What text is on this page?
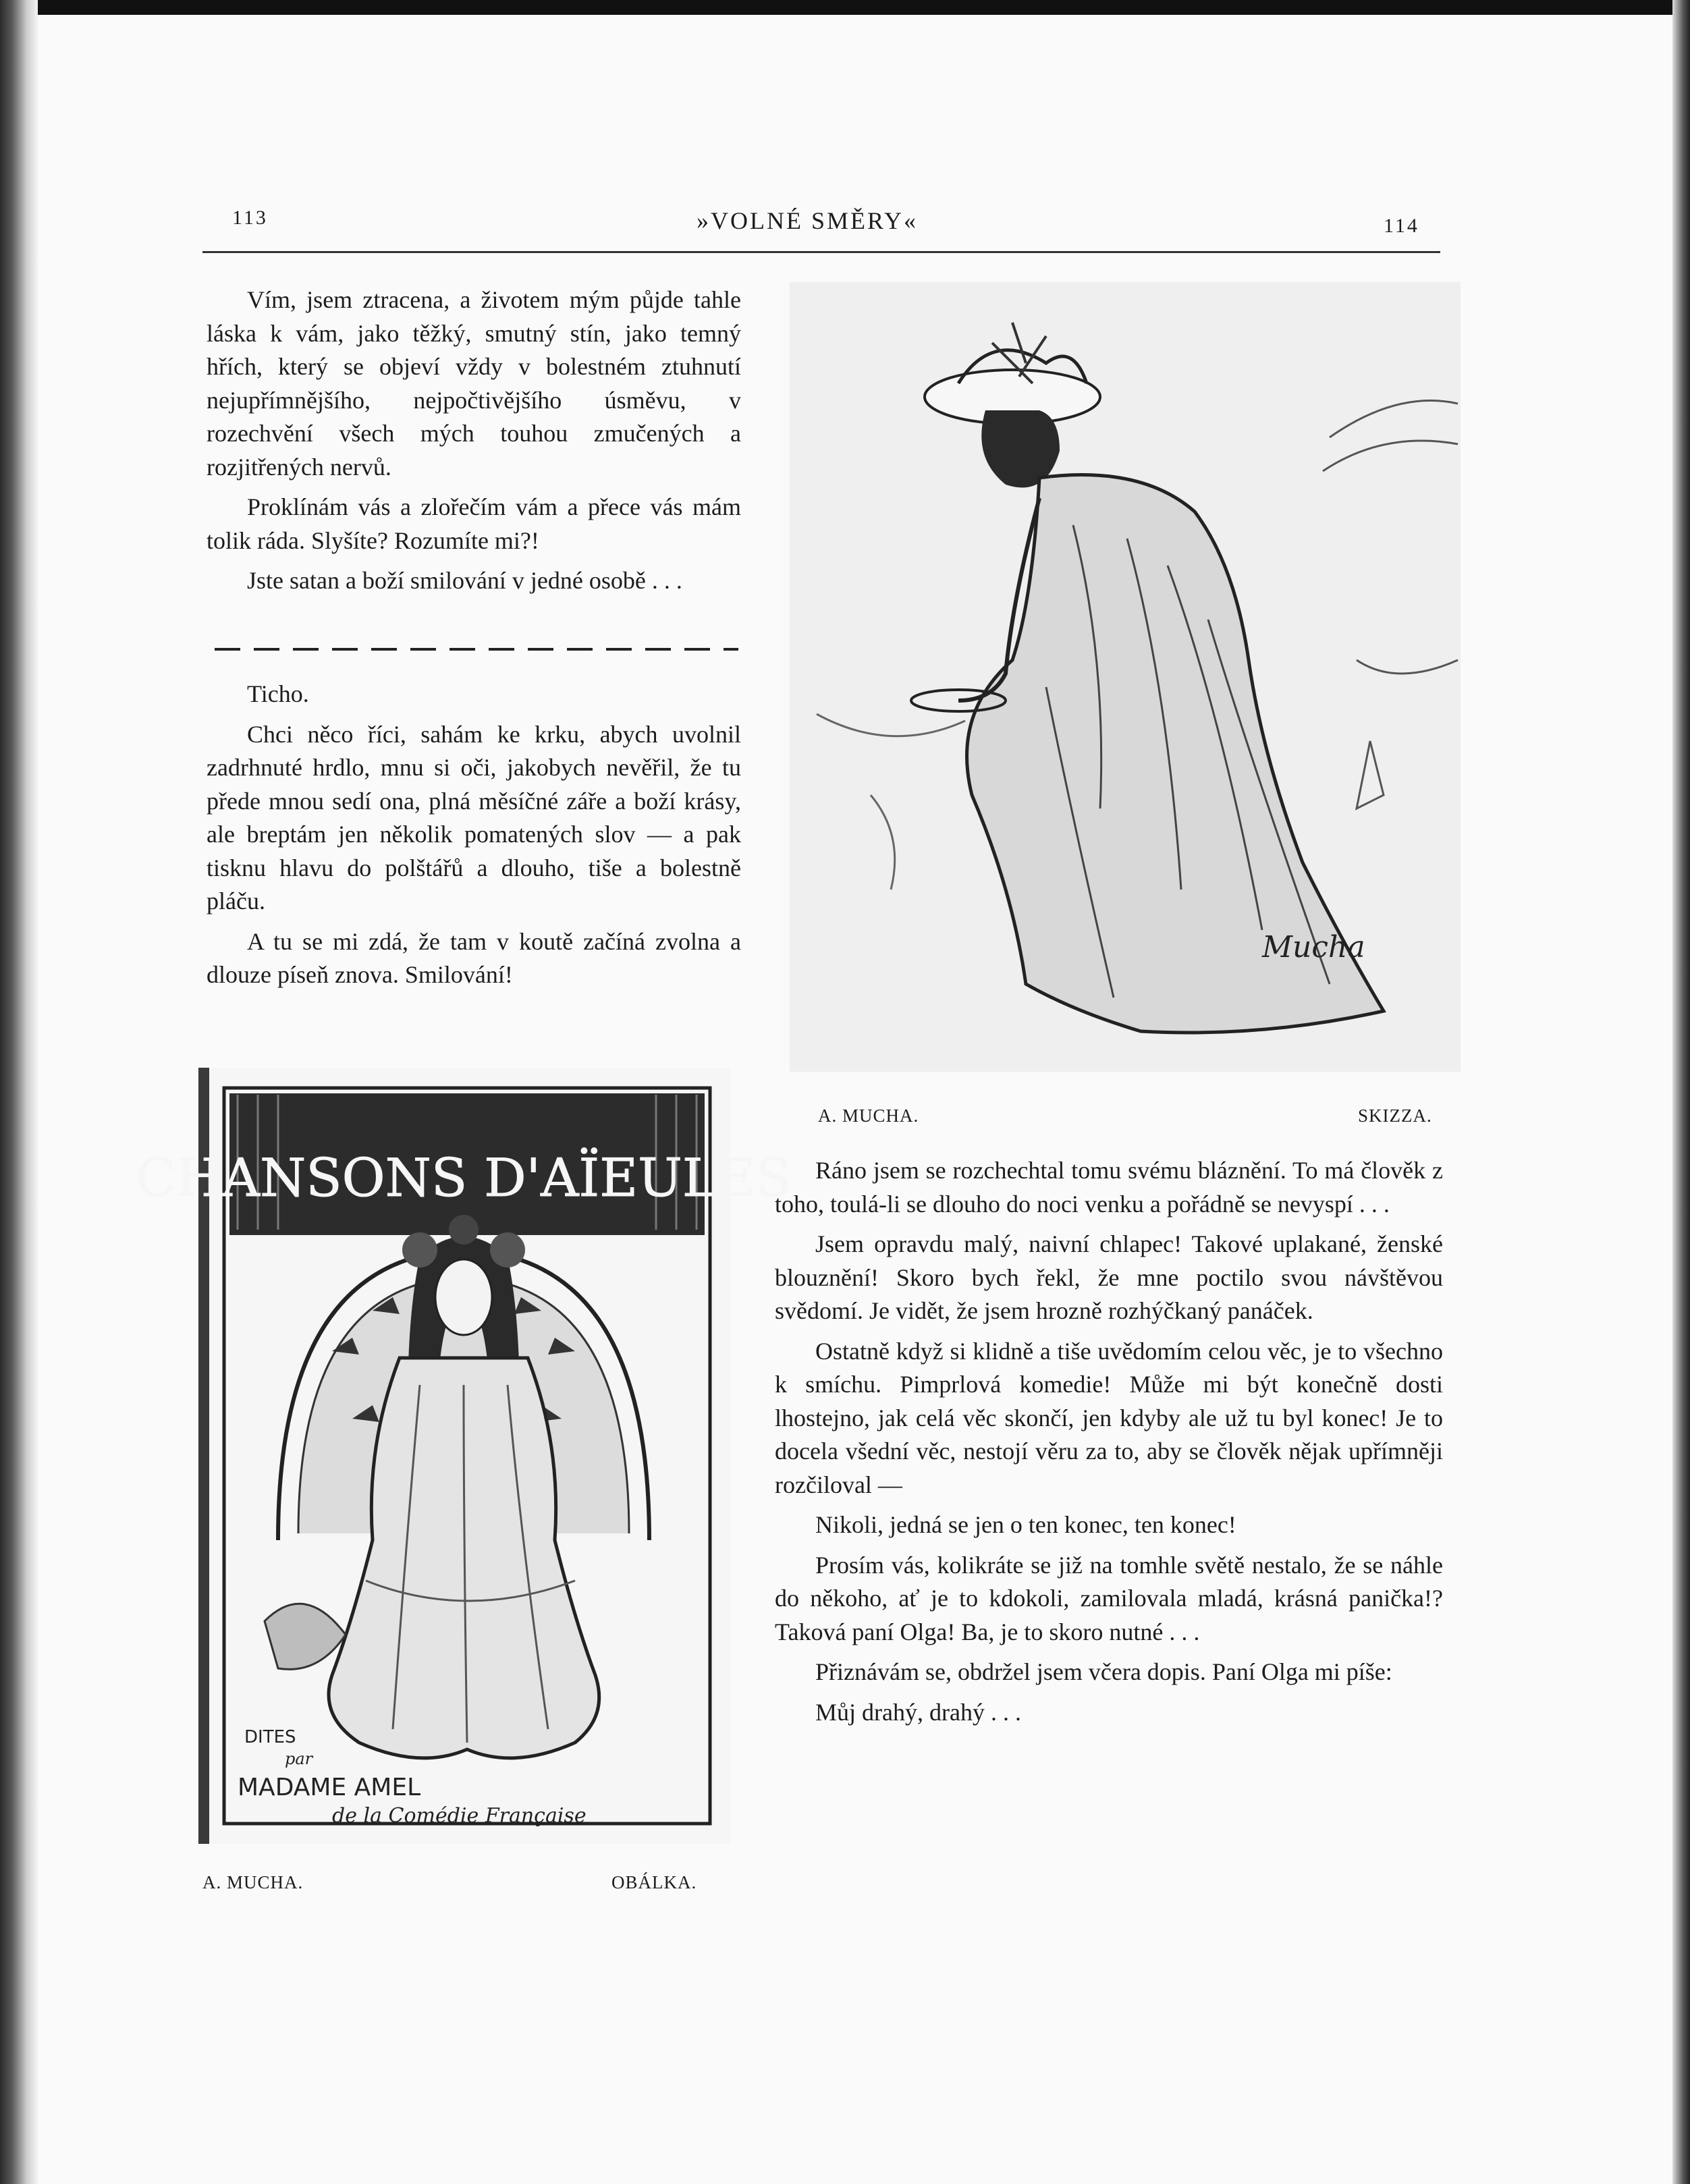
113	»VOLNÉ SMĚRY«	114

Vím, jsem ztracena, a životem mým půjde tahle láska k vám, jako těžký, smutný stín, jako temný hřích, který se objeví vždy v bolestném ztuhnutí nejupřímnějšího, nejpočtivějšího úsměvu, v rozechvění všech mých touhou zmučených a rozjitřených nervů.

Proklínám vás a zlořečím vám a přece vás mám tolik ráda. Slyšíte? Rozumíte mi?!

Jste satan a boží smilování v jedné osobě . . .

Ticho.

Chci něco říci, sahám ke krku, abych uvolnil zadrhnuté hrdlo, mnu si oči, jakobych nevěřil, že tu přede mnou sedí ona, plná měsíčné záře a boží krásy, ale breptám jen několik pomatených slov — a pak tisknu hlavu do polštářů a dlouho, tiše a bolestně pláču.

A tu se mi zdá, že tam v koutě začíná zvolna a dlouze píseň znova. Smilování!

Mucha
A. MUCHA.	SKIZZA.

Ráno jsem se rozchechtal tomu svému bláznění. To má člověk z toho, toulá-li se dlouho do noci venku a pořádně se nevyspí . . .

Jsem opravdu malý, naivní chlapec! Takové uplakané, ženské blouznění! Skoro bych řekl, že mne poctilo svou návštěvou svědomí. Je vidět, že jsem hrozně rozhýčkaný panáček.

Ostatně když si klidně a tiše uvědomím celou věc, je to všechno k smíchu. Pimprlová komedie! Může mi být konečně dosti lhostejno, jak celá věc skončí, jen kdyby ale už tu byl konec! Je to docela všední věc, nestojí věru za to, aby se člověk nějak upřímněji rozčiloval —

Nikoli, jedná se jen o ten konec, ten konec!

Prosím vás, kolikráte se již na tomhle světě nestalo, že se náhle do někoho, ať je to kdokoli, zamilovala mladá, krásná panička!? Taková paní Olga! Ba, je to skoro nutné . . .

Přiznávám se, obdržel jsem včera dopis. Paní Olga mi píše:

Můj drahý, drahý . . .

CHANSONS D'AÏEULES
DITES
par
MADAME AMEL
de la Comédie Française
A. MUCHA.	OBÁLKA.
